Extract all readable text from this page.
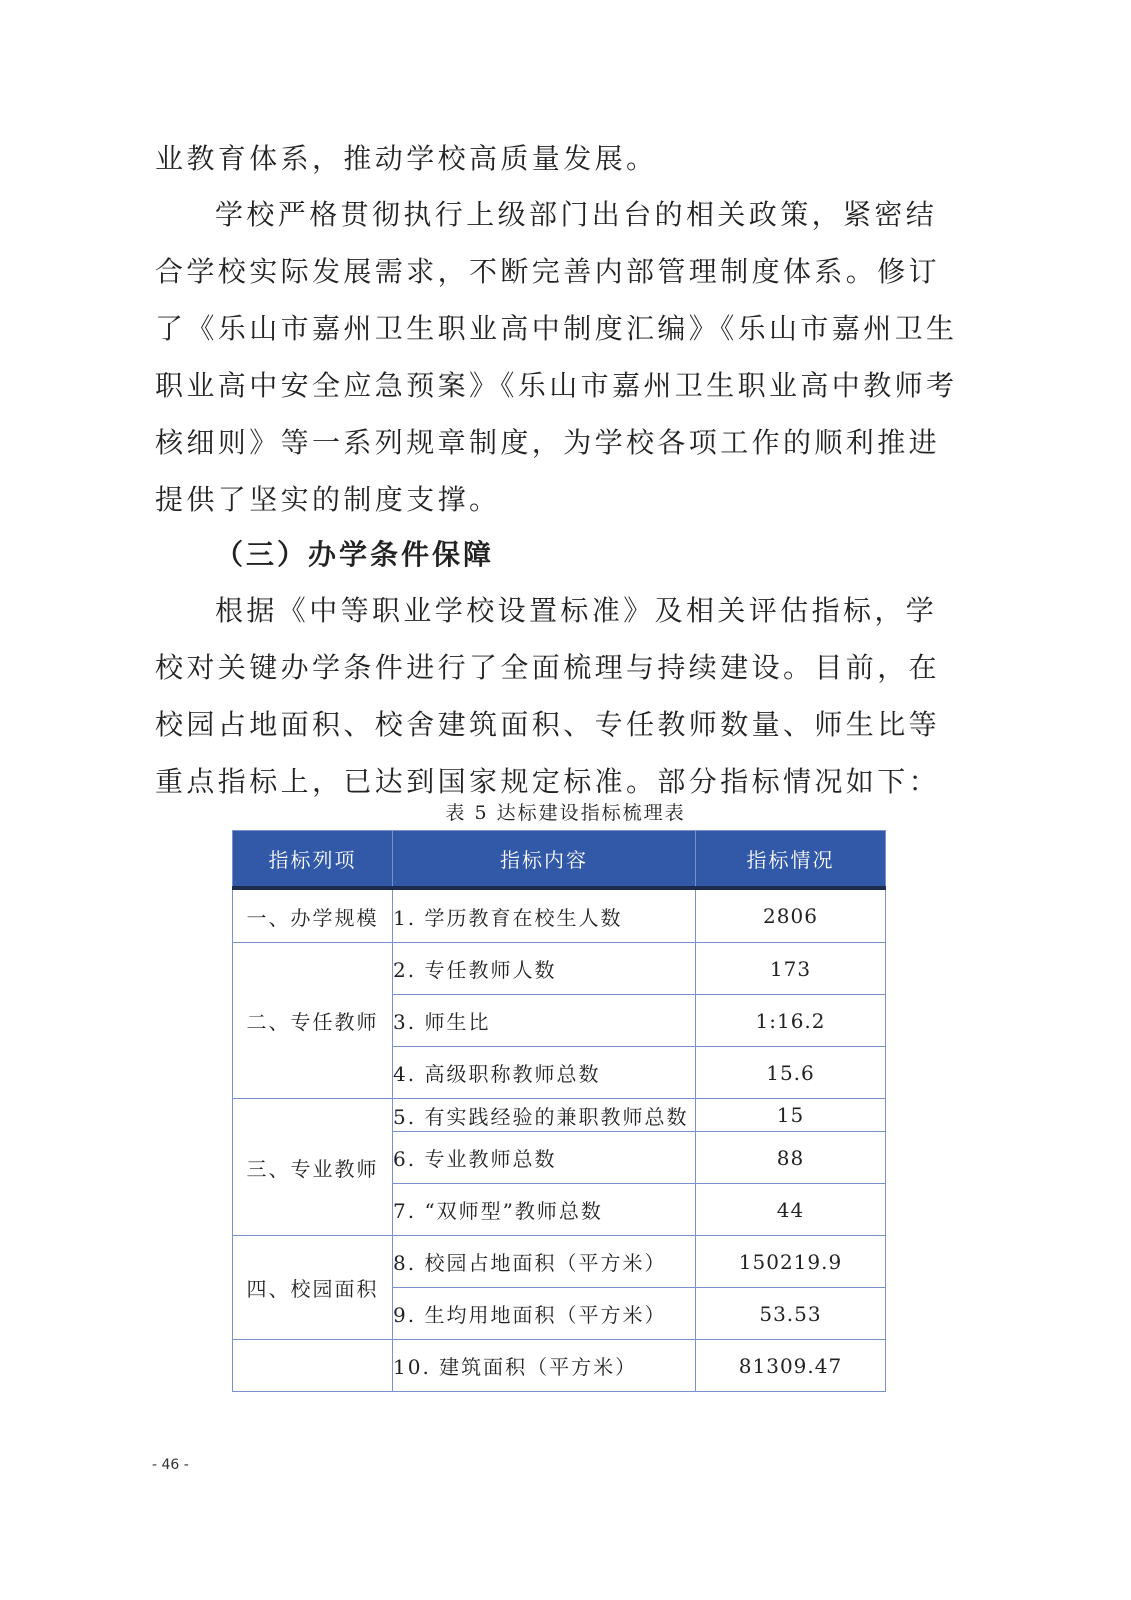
业教育体系，推动学校高质量发展。

学校严格贯彻执行上级部门出台的相关政策，紧密结合学校实际发展需求，不断完善内部管理制度体系。修订了《乐山市嘉州卫生职业高中制度汇编》《乐山市嘉州卫生职业高中安全应急预案》《乐山市嘉州卫生职业高中教师考核细则》等一系列规章制度，为学校各项工作的顺利推进提供了坚实的制度支撑。

（三）办学条件保障

根据《中等职业学校设置标准》及相关评估指标，学校对关键办学条件进行了全面梳理与持续建设。目前，在校园占地面积、校舍建筑面积、专任教师数量、师生比等重点指标上，已达到国家规定标准。部分指标情况如下：

表 5 达标建设指标梳理表
指标列项	指标内容	指标情况
一、办学规模	1. 学历教育在校生人数	2806
二、专任教师	2. 专任教师人数	173
	3. 师生比	1:16.2
	4. 高级职称教师总数	15.6
三、专业教师	5. 有实践经验的兼职教师总数	15
	6. 专业教师总数	88
	7. “双师型”教师总数	44
四、校园面积	8. 校园占地面积（平方米）	150219.9
	9. 生均用地面积（平方米）	53.53
	10. 建筑面积（平方米）	81309.47
- 46 -
